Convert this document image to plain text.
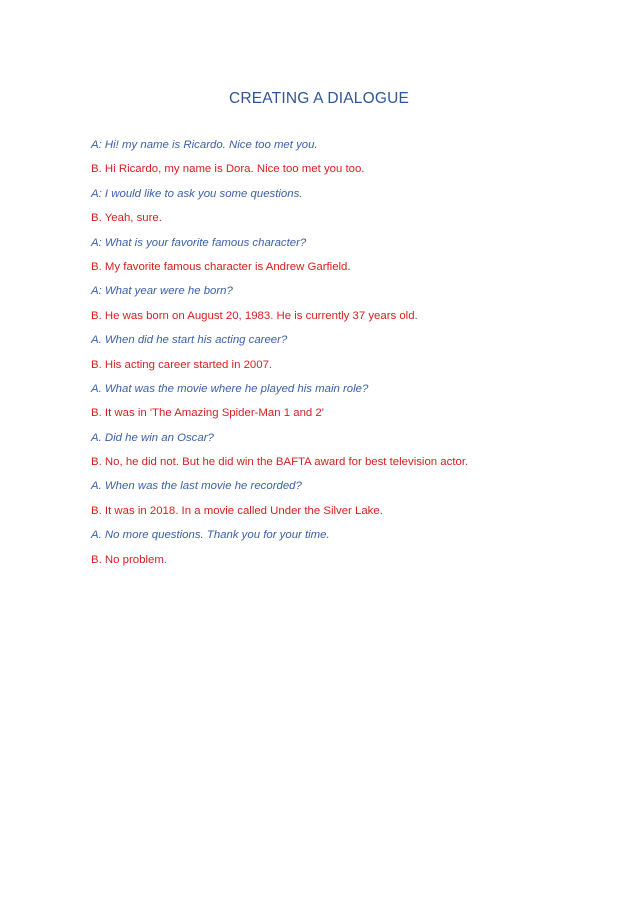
CREATING A DIALOGUE
A: Hi! my name is Ricardo. Nice too met you.
B. Hi Ricardo, my name is Dora. Nice too met you too.
A: I would like to ask you some questions.
B. Yeah, sure.
A: What is your favorite famous character?
B. My favorite famous character is Andrew Garfield.
A: What year were he born?
B. He was born on August 20, 1983. He is currently 37 years old.
A. When did he start his acting career?
B. His acting career started in 2007.
A. What was the movie where he played his main role?
B. It was in 'The Amazing Spider-Man 1 and 2'
A. Did he win an Oscar?
B. No, he did not. But he did win the BAFTA award for best television actor.
A. When was the last movie he recorded?
B. It was in 2018. In a movie called Under the Silver Lake.
A. No more questions. Thank you for your time.
B. No problem.
